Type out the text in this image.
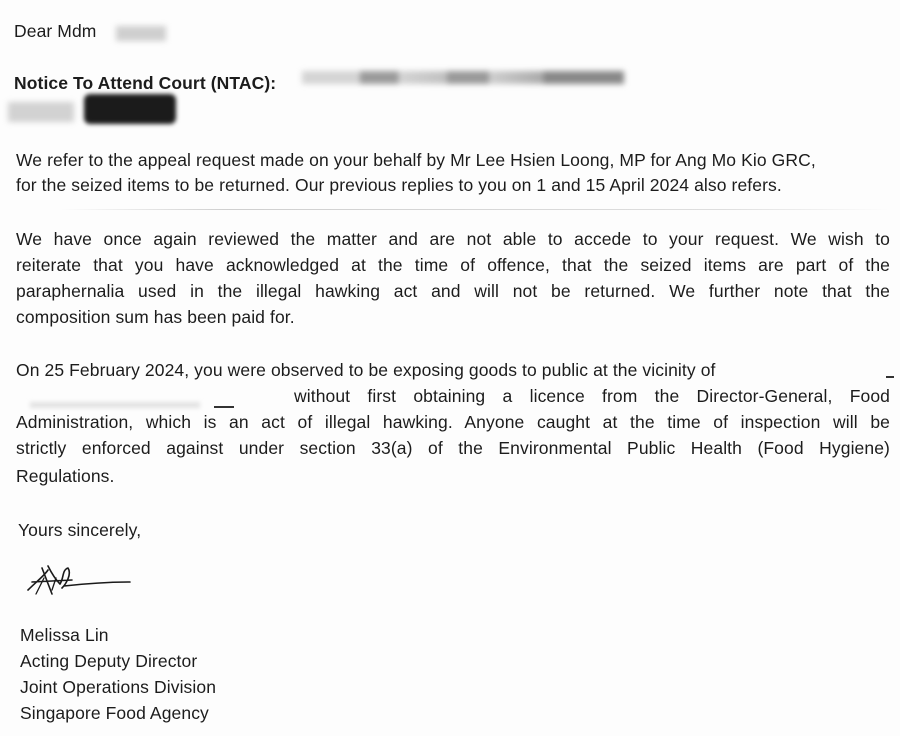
Dear Mdm
Notice To Attend Court (NTAC):
We refer to the appeal request made on your behalf by Mr Lee Hsien Loong, MP for Ang Mo Kio GRC,
for the seized items to be returned. Our previous replies to you on 1 and 15 April 2024 also refers.
We have once again reviewed the matter and are not able to accede to your request. We wish to
reiterate that you have acknowledged at the time of offence, that the seized items are part of the
paraphernalia used in the illegal hawking act and will not be returned. We further note that the
composition sum has been paid for.
On 25 February 2024, you were observed to be exposing goods to public at the vicinity of
without first obtaining a licence from the Director-General, Food
Administration, which is an act of illegal hawking. Anyone caught at the time of inspection will be
strictly enforced against under section 33(a) of the Environmental Public Health (Food Hygiene)
Regulations.
Yours sincerely,
Melissa Lin
Acting Deputy Director
Joint Operations Division
Singapore Food Agency
